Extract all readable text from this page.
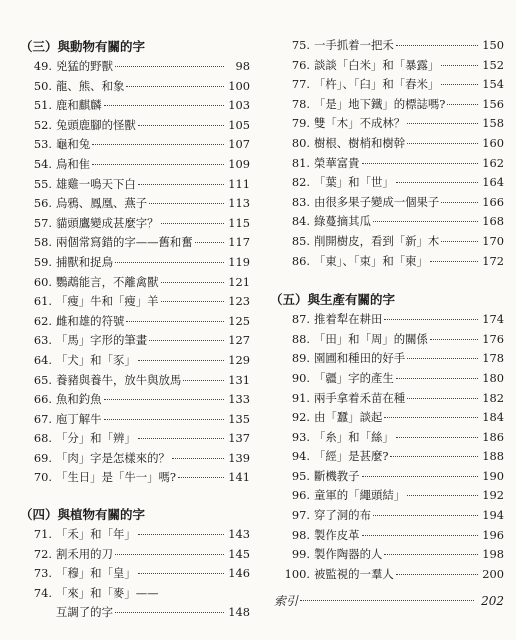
（三）與動物有關的字
49. 兇猛的野獸	98
50. 龍、熊、和象	100
51. 鹿和麒麟	103
52. 兔頭鹿腳的怪獸	105
53. 龜和兔	107
54. 鳥和隹	109
55. 雄雞一鳴天下白	111
56. 烏鴉、鳳凰、燕子	113
57. 貓頭鷹變成甚麼字？	115
58. 兩個常寫錯的字——舊和奮	117
59. 捕獸和捉鳥	119
60. 鸚鵡能言，不離禽獸	121
61. 「瘦」牛和「瘦」羊	123
62. 雌和雄的符號	125
63. 「馬」字形的筆畫	127
64. 「犬」和「豕」	129
65. 養豬與養牛，放牛與放馬	131
66. 魚和釣魚	133
67. 庖丁解牛	135
68. 「分」和「辨」	137
69. 「肉」字是怎樣來的？	139
70. 「生日」是「牛一」嗎?	141
（四）與植物有關的字
71. 「禾」和「年」	143
72. 割禾用的刀	145
73. 「穆」和「皇」	146
74. 「來」和「麥」——
互調了的字	148
75. 一手抓着一把禾	150
76. 談談「白米」和「暴露」	152
77. 「杵」、「臼」和「舂米」	154
78. 「是」地下鐵」的標誌嗎?	156
79. 雙「木」不成林？	158
80. 樹根、樹梢和樹幹	160
81. 榮華富貴	162
82. 「葉」和「世」	164
83. 由很多果子變成一個果子	166
84. 綠蔓摘其瓜	168
85. 削開樹皮，看到「新」木	170
86. 「東」、「束」和「柬」	172
（五）與生產有關的字
87. 推着犁在耕田	174
88. 「田」和「周」的關係	176
89. 園圃和種田的好手	178
90. 「疆」字的產生	180
91. 兩手拿着禾苗在種	182
92. 由「蠶」談起	184
93. 「糸」和「絲」	186
94. 「經」是甚麼?	188
95. 斷機教子	190
96. 童軍的「繩頭結」	192
97. 穿了洞的布	194
98. 製作皮革	196
99. 製作陶器的人	198
100. 被監視的一羣人	200
索引	202
